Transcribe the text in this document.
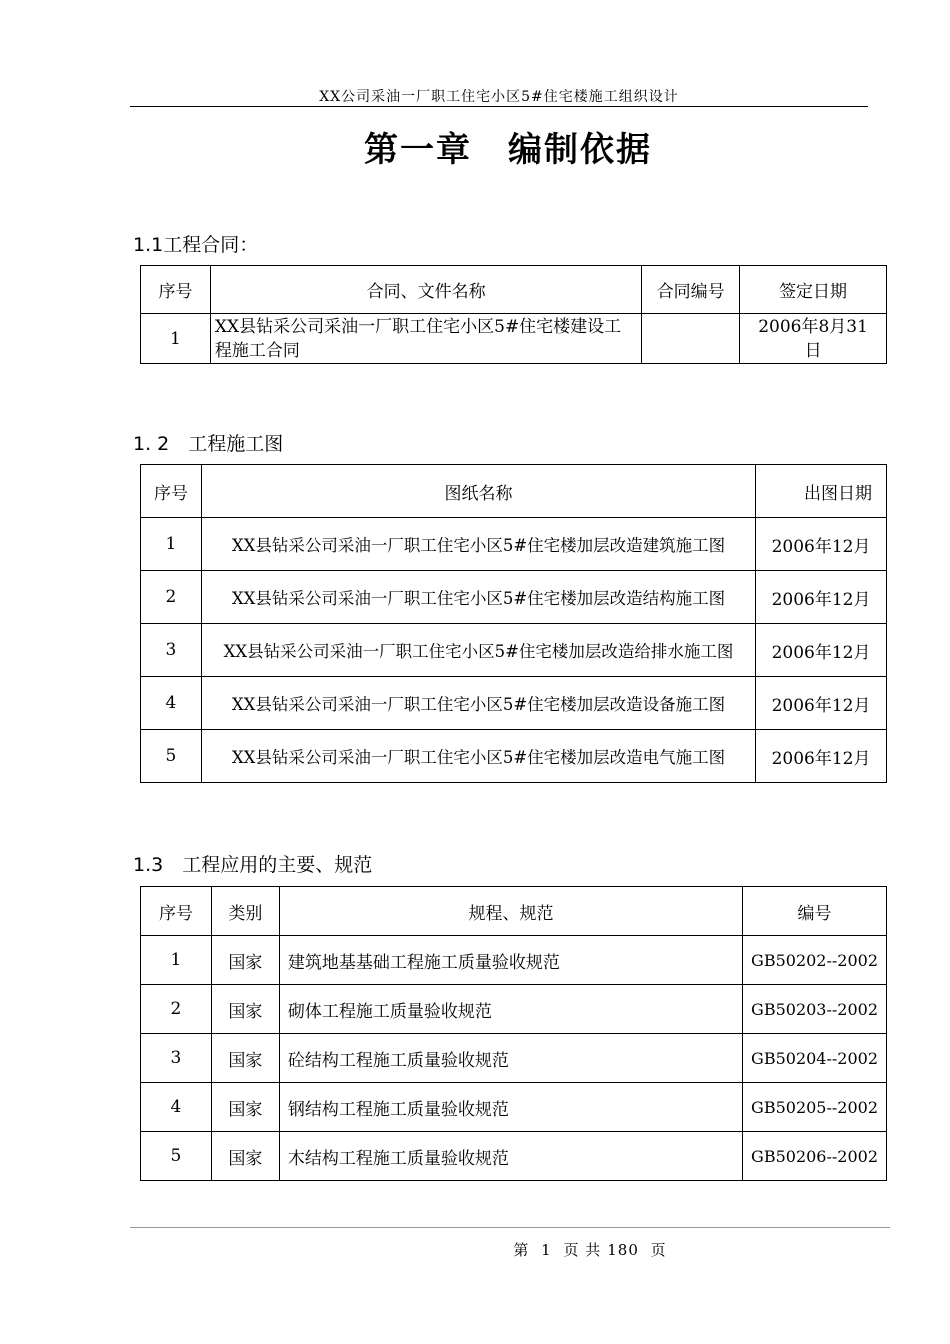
XX公司采油一厂职工住宅小区5#住宅楼施工组织设计
第一章　编制依据
1.1工程合同：
序号	合同、文件名称	合同编号	签定日期
1	XX县钻采公司采油一厂职工住宅小区5#住宅楼建设工程施工合同		2006年8月31日
1. 2　工程施工图
序号	图纸名称	出图日期
1	XX县钻采公司采油一厂职工住宅小区5#住宅楼加层改造建筑施工图	2006年12月
2	XX县钻采公司采油一厂职工住宅小区5#住宅楼加层改造结构施工图	2006年12月
3	XX县钻采公司采油一厂职工住宅小区5#住宅楼加层改造给排水施工图	2006年12月
4	XX县钻采公司采油一厂职工住宅小区5#住宅楼加层改造设备施工图	2006年12月
5	XX县钻采公司采油一厂职工住宅小区5#住宅楼加层改造电气施工图	2006年12月
1.3　工程应用的主要、规范
序号	类别	规程、规范	编号
1	国家	建筑地基基础工程施工质量验收规范	GB50202--2002
2	国家	砌体工程施工质量验收规范	GB50203--2002
3	国家	砼结构工程施工质量验收规范	GB50204--2002
4	国家	钢结构工程施工质量验收规范	GB50205--2002
5	国家	木结构工程施工质量验收规范	GB50206--2002
第 1 页 共 180 页
